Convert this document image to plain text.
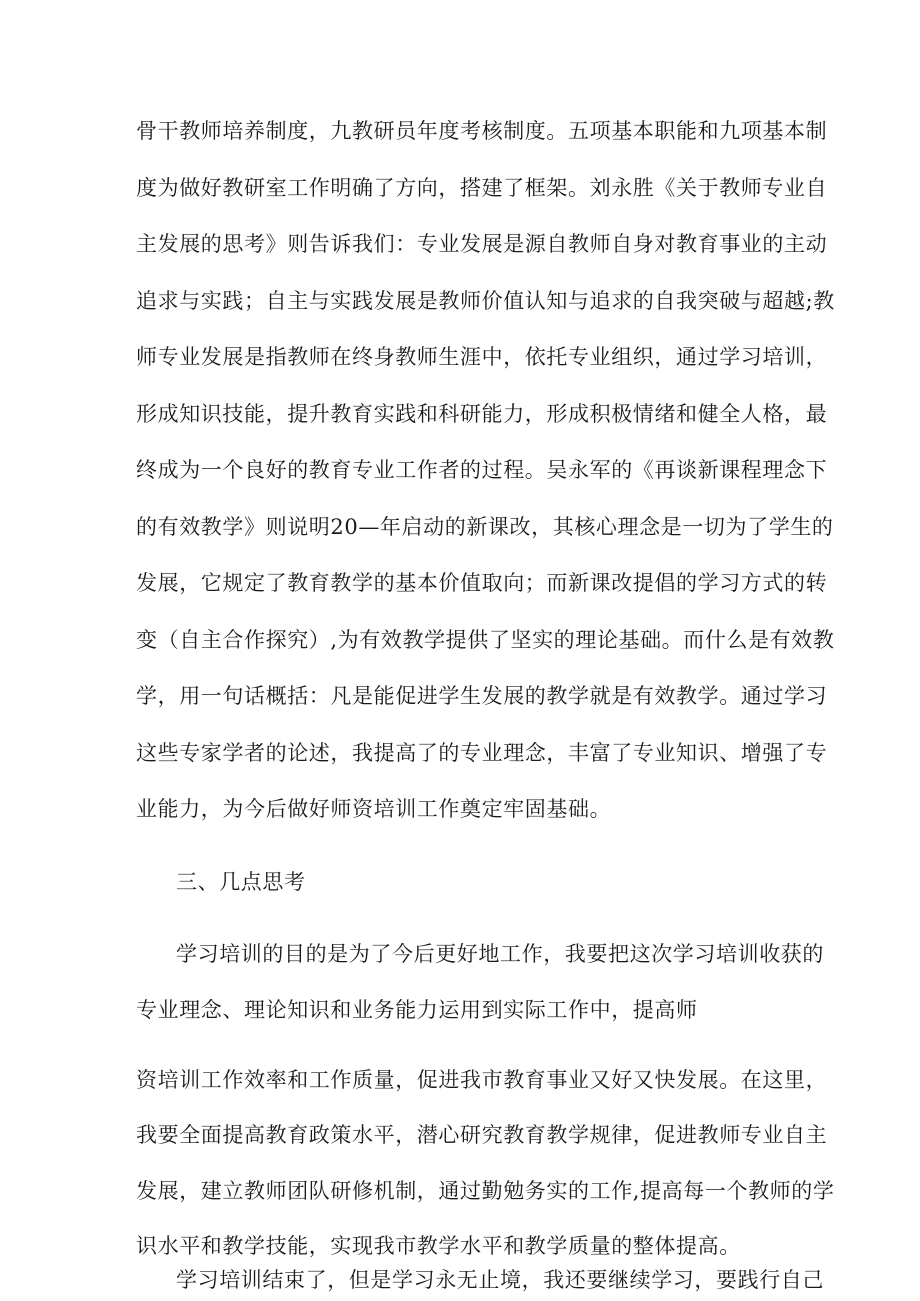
骨干教师培养制度，九教研员年度考核制度。五项基本职能和九项基本制
度为做好教研室工作明确了方向，搭建了框架。刘永胜《关于教师专业自
主发展的思考》则告诉我们：专业发展是源自教师自身对教育事业的主动
追求与实践；自主与实践发展是教师价值认知与追求的自我突破与超越;教
师专业发展是指教师在终身教师生涯中，依托专业组织，通过学习培训，
形成知识技能，提升教育实践和科研能力，形成积极情绪和健全人格，最
终成为一个良好的教育专业工作者的过程。吴永军的《再谈新课程理念下
的有效教学》则说明20—年启动的新课改，其核心理念是一切为了学生的
发展，它规定了教育教学的基本价值取向；而新课改提倡的学习方式的转
变（自主合作探究）,为有效教学提供了坚实的理论基础。而什么是有效教
学，用一句话概括：凡是能促进学生发展的教学就是有效教学。通过学习
这些专家学者的论述，我提高了的专业理念，丰富了专业知识、增强了专
业能力，为今后做好师资培训工作奠定牢固基础。
三、几点思考
学习培训的目的是为了今后更好地工作，我要把这次学习培训收获的
专业理念、理论知识和业务能力运用到实际工作中，提高师
资培训工作效率和工作质量，促进我市教育事业又好又快发展。在这里，
我要全面提高教育政策水平，潜心研究教育教学规律，促进教师专业自主
发展，建立教师团队研修机制，通过勤勉务实的工作,提高每一个教师的学
识水平和教学技能，实现我市教学水平和教学质量的整体提高。
学习培训结束了，但是学习永无止境，我还要继续学习，要践行自己
